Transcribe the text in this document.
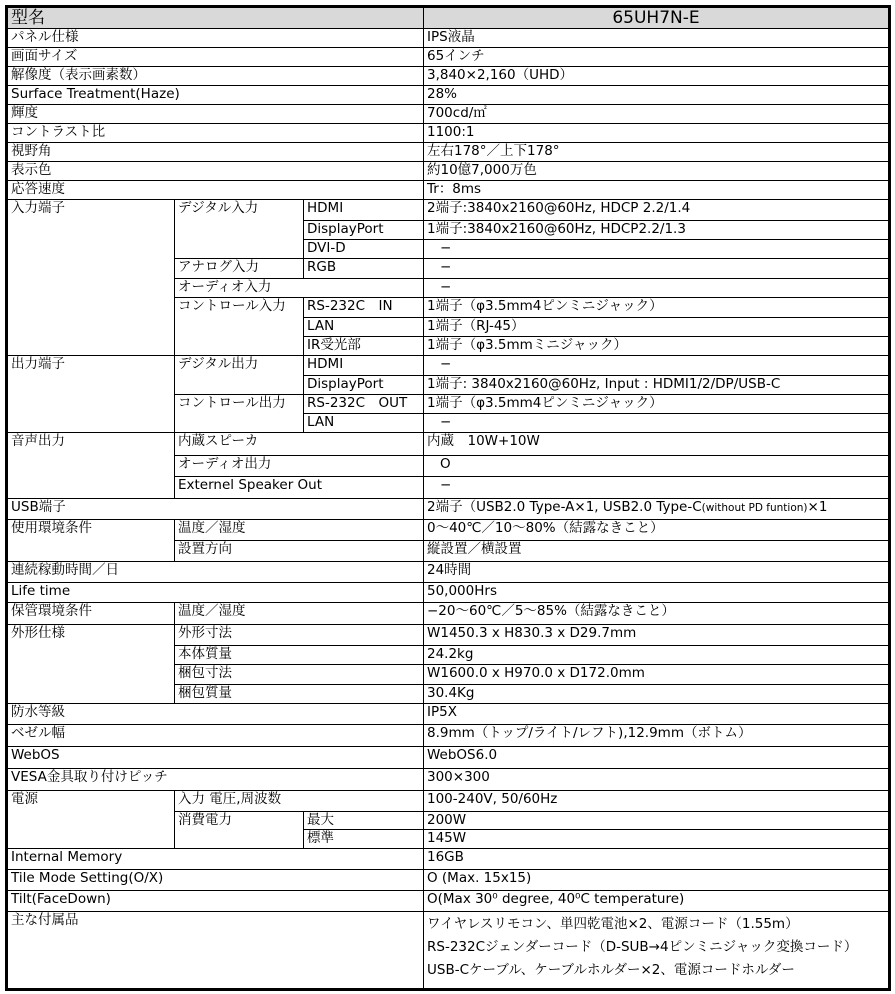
型名			65UH7N-E
パネル仕様			IPS液晶
画面サイズ			65インチ
解像度（表示画素数）			3,840×2,160（UHD）
Surface Treatment(Haze)			28%
輝度			700cd/㎡
コントラスト比			1100:1
視野角			左右178°／上下178°
表示色			約10億7,000万色
応答速度			Tr：8ms
入力端子	デジタル入力	HDMI	2端子:3840x2160@60Hz, HDCP 2.2/1.4
		DisplayPort	1端子:3840x2160@60Hz, HDCP2.2/1.3
		DVI-D	−
	アナログ入力	RGB	−
	オーディオ入力		−
	コントロール入力	RS-232C　IN	1端子（φ3.5mm4ピンミニジャック）
		LAN	1端子（RJ-45）
		IR受光部	1端子（φ3.5mmミニジャック）
出力端子	デジタル出力	HDMI	−
		DisplayPort	1端子: 3840x2160@60Hz, Input : HDMI1/2/DP/USB-C
	コントロール出力	RS-232C　OUT	1端子（φ3.5mm4ピンミニジャック）
		LAN	−
音声出力	内蔵スピーカ		内蔵　10W+10W
	オーディオ出力		O
	Externel Speaker Out		−
USB端子			2端子（USB2.0 Type-A×1, USB2.0 Type-C(without PD funtion)×1
使用環境条件	温度／湿度		0〜40℃／10〜80%（結露なきこと）
	設置方向		縦設置／横設置
連続稼動時間／日			24時間
Life time			50,000Hrs
保管環境条件	温度／湿度		−20〜60℃／5〜85%（結露なきこと）
外形仕様	外形寸法		W1450.3 x H830.3 x D29.7mm
	本体質量		24.2kg
	梱包寸法		W1600.0 x H970.0 x D172.0mm
	梱包質量		30.4Kg
防水等級			IP5X
ベゼル幅			8.9mm（トップ/ライト/レフト),12.9mm（ボトム）
WebOS			WebOS6.0
VESA金具取り付けピッチ			300×300
電源	入力 電圧,周波数		100-240V, 50/60Hz
	消費電力	最大	200W
		標準	145W
Internal Memory			16GB
Tile Mode Setting(O/X)			O (Max. 15x15)
Tilt(FaceDown)			O(Max 30⁰ degree, 40⁰C temperature)
主な付属品			ワイヤレスリモコン、単四乾電池×2、電源コード（1.55m）
RS-232Cジェンダーコード（D-SUB→4ピンミニジャック変換コード）
USB-Cケーブル、ケーブルホルダー×2、電源コードホルダー
